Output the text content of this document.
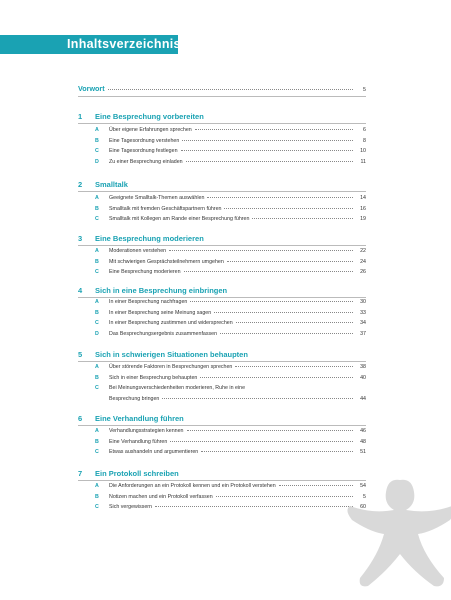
Inhaltsverzeichnis
Vorwort	5
1 Eine Besprechung vorbereiten
A	Über eigene Erfahrungen sprechen	6
B	Eine Tagesordnung verstehen	8
C	Eine Tagesordnung festlegen	10
D	Zu einer Besprechung einladen	11
2 Smalltalk
A	Geeignete Smalltalk-Themen auswählen	14
B	Smalltalk mit fremden Geschäftspartnern führen	16
C	Smalltalk mit Kollegen am Rande einer Besprechung führen	19
3 Eine Besprechung moderieren
A	Moderationen verstehen	22
B	Mit schwierigen Gesprächsteilnehmern umgehen	24
C	Eine Besprechung moderieren	26
4 Sich in eine Besprechung einbringen
A	In einer Besprechung nachfragen	30
B	In einer Besprechung seine Meinung sagen	33
C	In einer Besprechung zustimmen und widersprechen	34
D	Das Besprechungsergebnis zusammenfassen	37
5 Sich in schwierigen Situationen behaupten
A	Über störende Faktoren in Besprechungen sprechen	38
B	Sich in einer Besprechung behaupten	40
C	Bei Meinungsverschiedenheiten moderieren, Ruhe in eine
Besprechung bringen	44
6 Eine Verhandlung führen
A	Verhandlungsstrategien kennen	46
B	Eine Verhandlung führen	48
C	Etwas aushandeln und argumentieren	51
7 Ein Protokoll schreiben
A	Die Anforderungen an ein Protokoll kennen und ein Protokoll verstehen	54
B	Notizen machen und ein Protokoll verfassen	5
C	Sich vergewissern	60
